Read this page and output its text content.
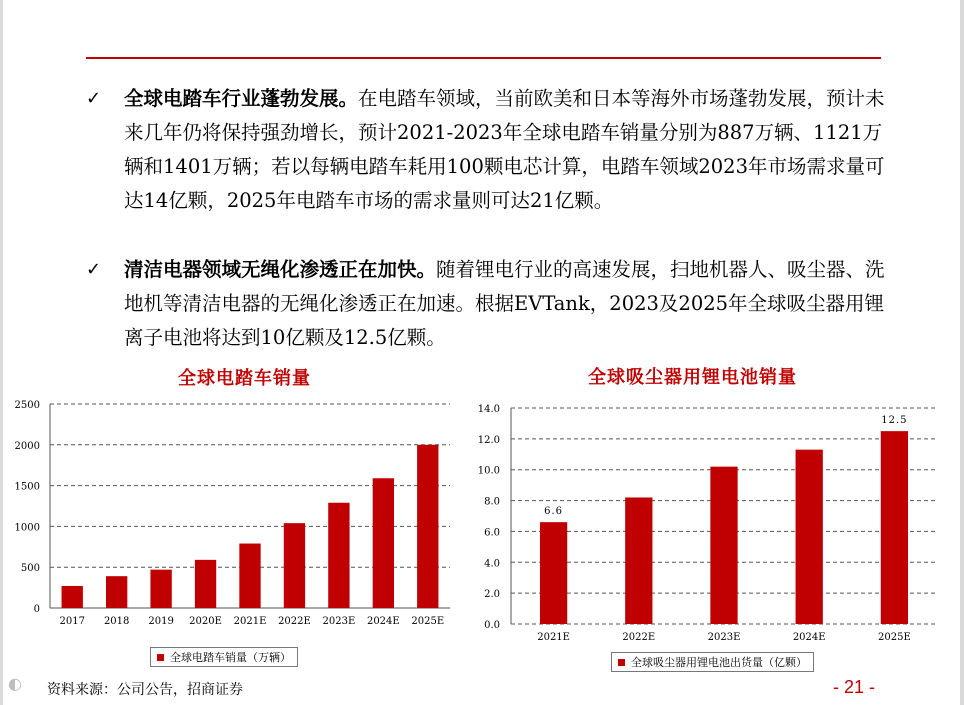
✓ 全球电踏车行业蓬勃发展。在电踏车领域，当前欧美和日本等海外市场蓬勃发展，预计未来几年仍将保持强劲增长，预计2021-2023年全球电踏车销量分别为887万辆、1121万辆和1401万辆；若以每辆电踏车耗用100颗电芯计算，电踏车领域2023年市场需求量可达14亿颗，2025年电踏车市场的需求量则可达21亿颗。
✓ 清洁电器领域无绳化渗透正在加快。随着锂电行业的高速发展，扫地机器人、吸尘器、洗地机等清洁电器的无绳化渗透正在加速。根据EVTank，2023及2025年全球吸尘器用锂离子电池将达到10亿颗及12.5亿颗。
全球电踏车销量	全球吸尘器用锂电池销量
0
500
1000
1500
2000
2500
2017 2018 2019 2020E 2021E 2022E 2023E 2024E 2025E	0.0
2.0
4.0
6.0
8.0
10.0
12.0
14.0
2021E
6.6
2022E	2023E	2024E	2025E
12.5
全球电踏车销量（万辆）	全球吸尘器用锂电池出货量（亿颗）
◐ 资料来源：公司公告，招商证券	- 21 -
